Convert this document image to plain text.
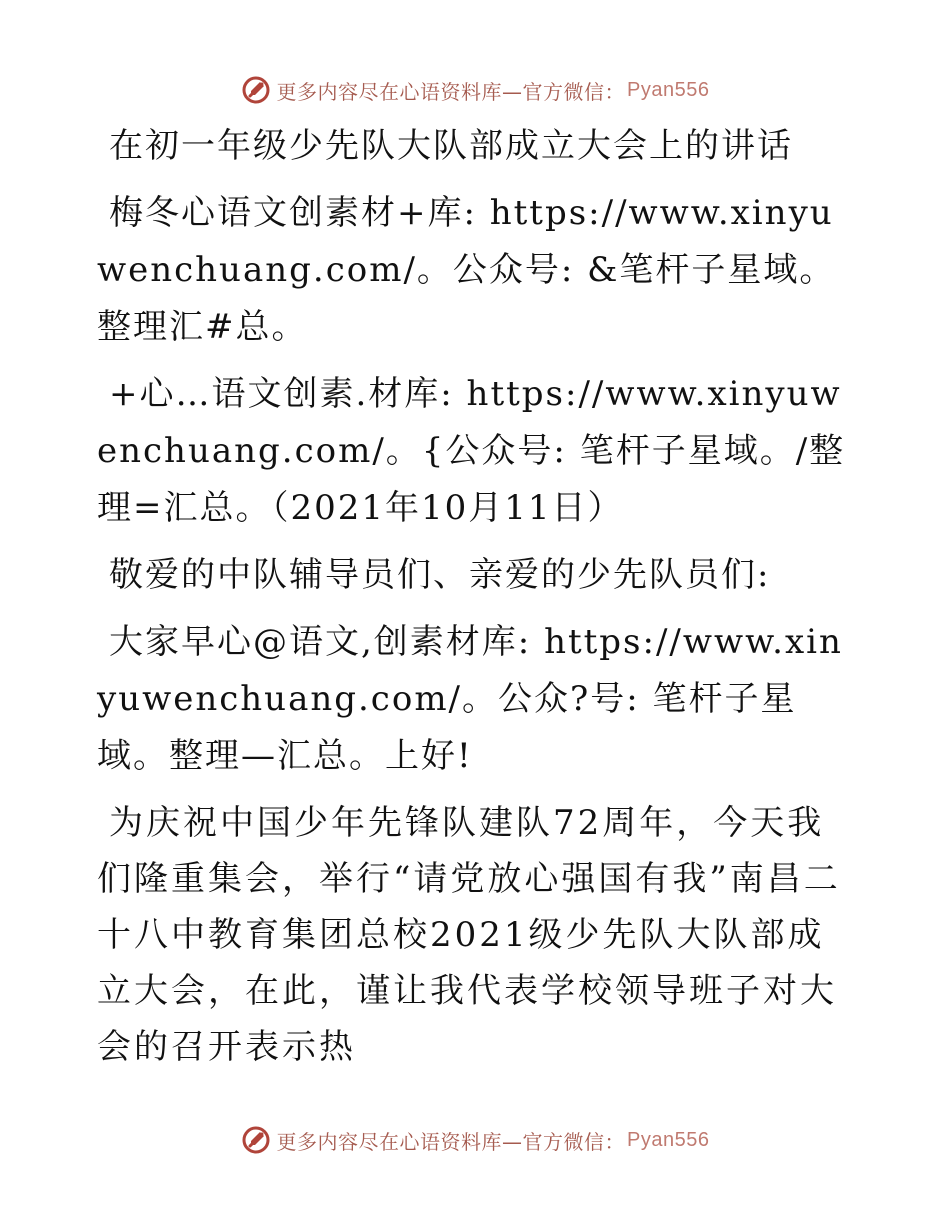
更多内容尽在心语资料库—官方微信： Pyan556
在初一年级少先队大队部成立大会上的讲话
梅冬心语文创素材+库: https://www.xinyuwenchuang.com/。公众号: &笔杆子星域。整理汇#总。
+心…语文创素.材库: https://www.xinyuwenchuang.com/。{公众号: 笔杆子星域。/整理=汇总。（2021年10月11日）
敬爱的中队辅导员们、亲爱的少先队员们:
大家早心@语文,创素材库: https://www.xinyuwenchuang.com/。公众?号: 笔杆子星域。整理—汇总。上好!
为庆祝中国少年先锋队建队72周年，今天我们隆重集会，举行“请党放心强国有我”南昌二十八中教育集团总校2021级少先队大队部成立大会，在此，谨让我代表学校领导班子对大会的召开表示热
更多内容尽在心语资料库—官方微信： Pyan556
